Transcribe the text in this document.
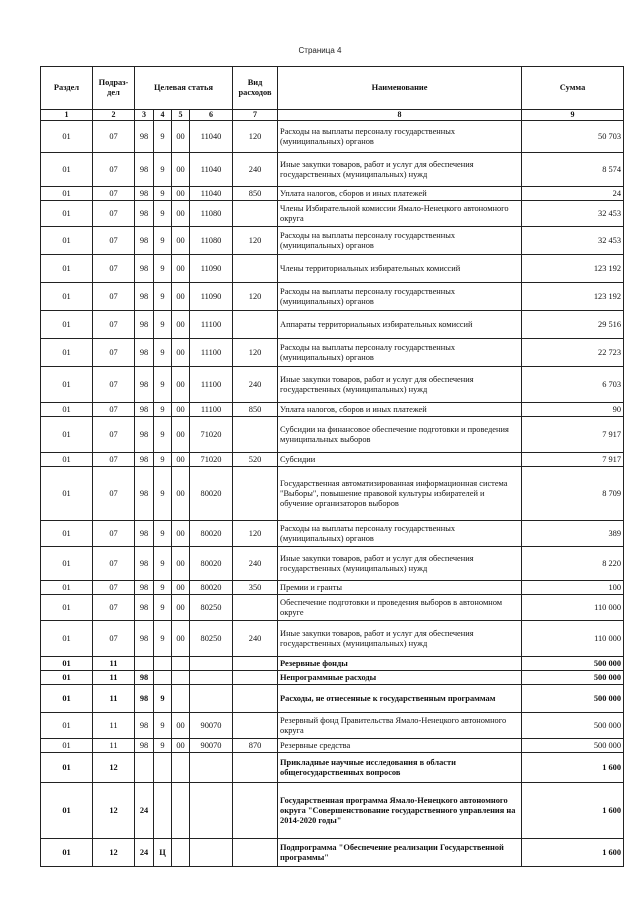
Страница 4
Раздел	Подраз-дел	Целевая статья				Вид расходов	Наименование	Сумма
1	2	3	4	5	6	7	8	9
01	07	98	9	00	11040	120	Расходы на выплаты персоналу государственных (муниципальных) органов	50 703
01	07	98	9	00	11040	240	Иные закупки товаров, работ и услуг для обеспечения государственных (муниципальных) нужд	8 574
01	07	98	9	00	11040	850	Уплата налогов, сборов и иных платежей	24
01	07	98	9	00	11080		Члены Избирательной комиссии Ямало-Ненецкого автономного округа	32 453
01	07	98	9	00	11080	120	Расходы на выплаты персоналу государственных (муниципальных) органов	32 453
01	07	98	9	00	11090		Члены территориальных избирательных комиссий	123 192
01	07	98	9	00	11090	120	Расходы на выплаты персоналу государственных (муниципальных) органов	123 192
01	07	98	9	00	11100		Аппараты территориальных избирательных комиссий	29 516
01	07	98	9	00	11100	120	Расходы на выплаты персоналу государственных (муниципальных) органов	22 723
01	07	98	9	00	11100	240	Иные закупки товаров, работ и услуг для обеспечения государственных (муниципальных) нужд	6 703
01	07	98	9	00	11100	850	Уплата налогов, сборов и иных платежей	90
01	07	98	9	00	71020		Субсидии на финансовое обеспечение подготовки и проведения муниципальных выборов	7 917
01	07	98	9	00	71020	520	Субсидии	7 917
01	07	98	9	00	80020		Государственная автоматизированная информационная система "Выборы", повышение правовой культуры избирателей и обучение организаторов выборов	8 709
01	07	98	9	00	80020	120	Расходы на выплаты персоналу государственных (муниципальных) органов	389
01	07	98	9	00	80020	240	Иные закупки товаров, работ и услуг для обеспечения государственных (муниципальных) нужд	8 220
01	07	98	9	00	80020	350	Премии и гранты	100
01	07	98	9	00	80250		Обеспечение подготовки и проведения выборов в автономном округе	110 000
01	07	98	9	00	80250	240	Иные закупки товаров, работ и услуг для обеспечения государственных (муниципальных) нужд	110 000
01	11						Резервные фонды	500 000
01	11	98					Непрограммные расходы	500 000
01	11	98	9				Расходы, не отнесенные к государственным программам	500 000
01	11	98	9	00	90070		Резервный фонд Правительства Ямало-Ненецкого автономного округа	500 000
01	11	98	9	00	90070	870	Резервные средства	500 000
01	12						Прикладные научные исследования в области общегосударственных вопросов	1 600
01	12	24					Государственная программа Ямало-Ненецкого автономного округа "Совершенствование государственного управления на 2014-2020 годы"	1 600
01	12	24	Ц				Подпрограмма "Обеспечение реализации Государственной программы"	1 600
